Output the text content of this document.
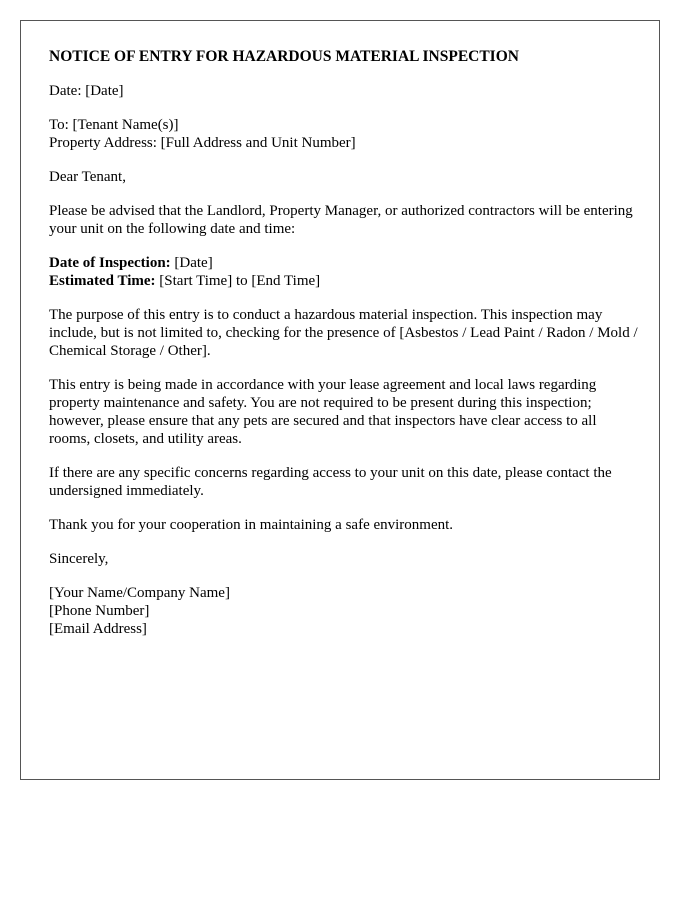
NOTICE OF ENTRY FOR HAZARDOUS MATERIAL INSPECTION

Date: [Date]

To: [Tenant Name(s)]
Property Address: [Full Address and Unit Number]

Dear Tenant,

Please be advised that the Landlord, Property Manager, or authorized contractors will be entering your unit on the following date and time:

Date of Inspection: [Date]
Estimated Time: [Start Time] to [End Time]

The purpose of this entry is to conduct a hazardous material inspection. This inspection may include, but is not limited to, checking for the presence of [Asbestos / Lead Paint / Radon / Mold / Chemical Storage / Other].

This entry is being made in accordance with your lease agreement and local laws regarding property maintenance and safety. You are not required to be present during this inspection; however, please ensure that any pets are secured and that inspectors have clear access to all rooms, closets, and utility areas.

If there are any specific concerns regarding access to your unit on this date, please contact the undersigned immediately.

Thank you for your cooperation in maintaining a safe environment.

Sincerely,

[Your Name/Company Name]
[Phone Number]
[Email Address]
